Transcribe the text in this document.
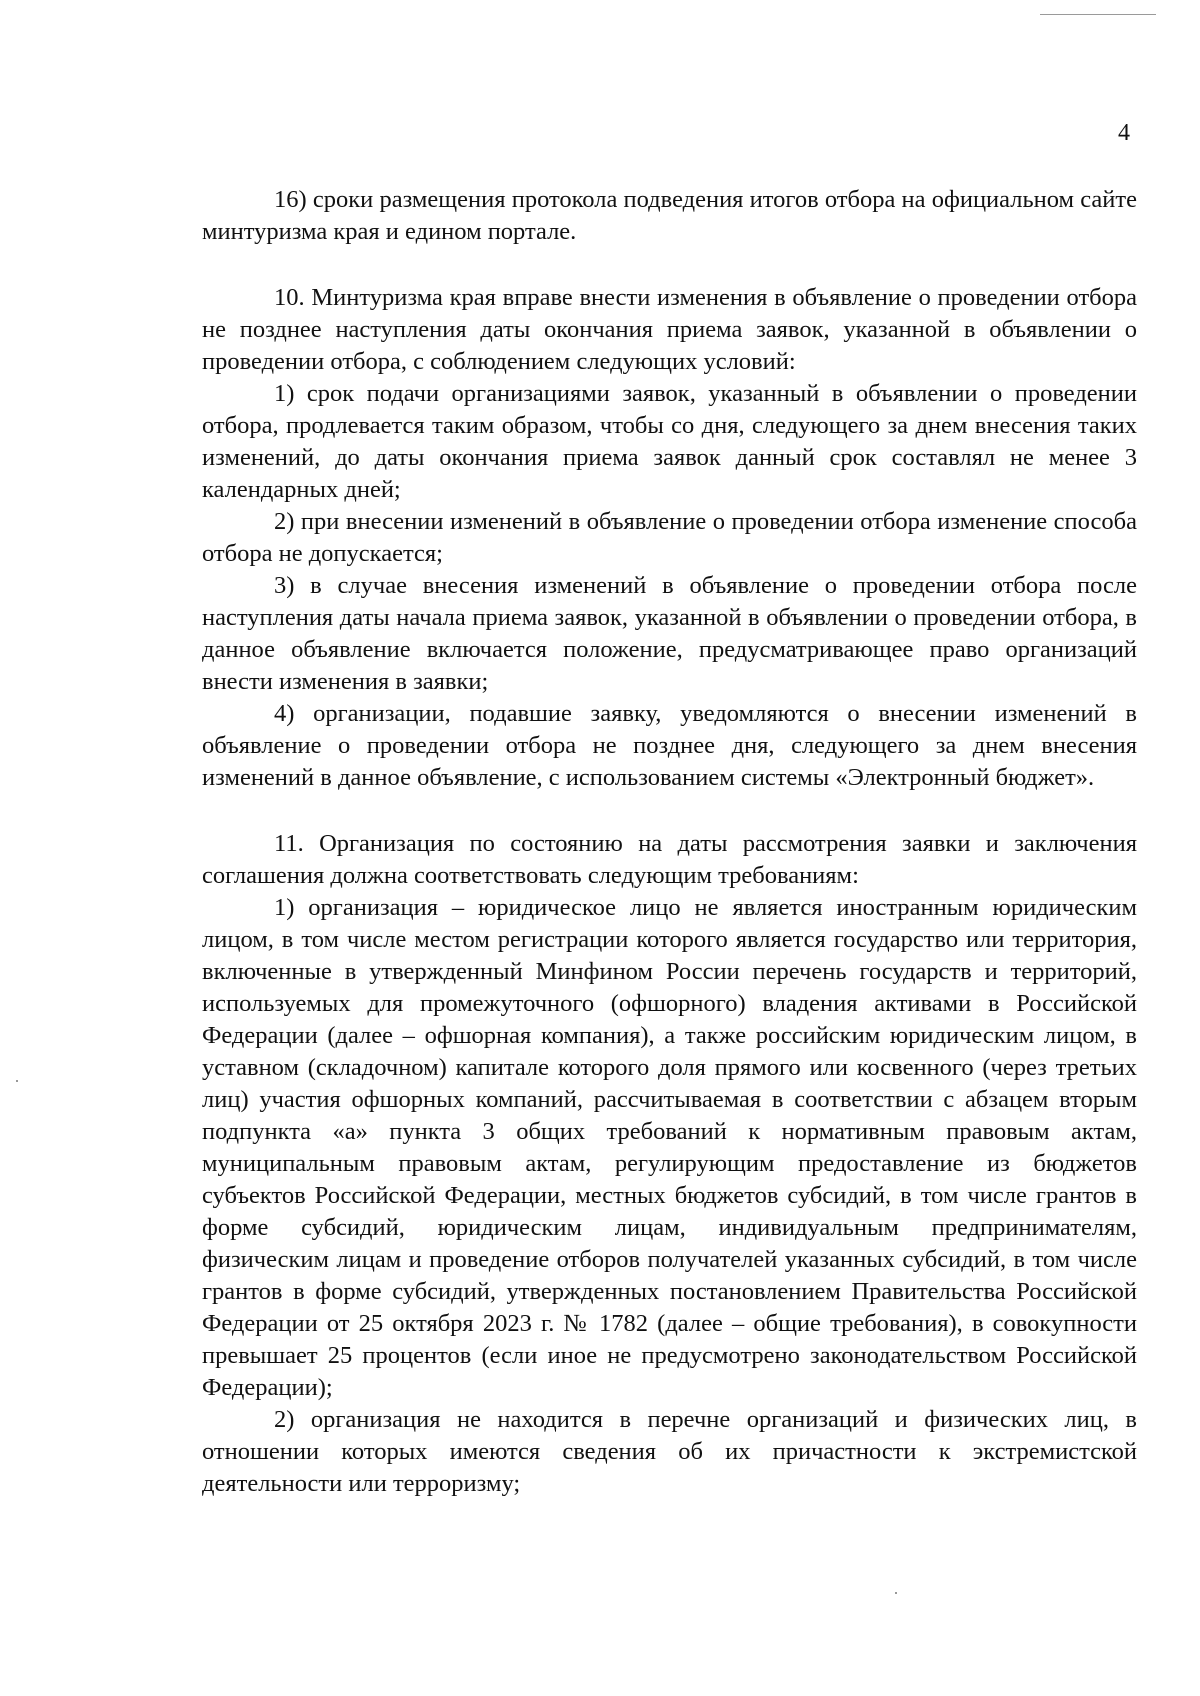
4

16) сроки размещения протокола подведения итогов отбора на официальном сайте минтуризма края и едином портале.

10. Минтуризма края вправе внести изменения в объявление о проведении отбора не позднее наступления даты окончания приема заявок, указанной в объявлении о проведении отбора, с соблюдением следующих условий:

1) срок подачи организациями заявок, указанный в объявлении о проведении отбора, продлевается таким образом, чтобы со дня, следующего за днем внесения таких изменений, до даты окончания приема заявок данный срок составлял не менее 3 календарных дней;

2) при внесении изменений в объявление о проведении отбора изменение способа отбора не допускается;

3) в случае внесения изменений в объявление о проведении отбора после наступления даты начала приема заявок, указанной в объявлении о проведении отбора, в данное объявление включается положение, предусматривающее право организаций внести изменения в заявки;

4) организации, подавшие заявку, уведомляются о внесении изменений в объявление о проведении отбора не позднее дня, следующего за днем внесения изменений в данное объявление, с использованием системы «Электронный бюджет».

11. Организация по состоянию на даты рассмотрения заявки и заключения соглашения должна соответствовать следующим требованиям:

1) организация – юридическое лицо не является иностранным юридическим лицом, в том числе местом регистрации которого является государство или территория, включенные в утвержденный Минфином России перечень государств и территорий, используемых для промежуточного (офшорного) владения активами в Российской Федерации (далее – офшорная компания), а также российским юридическим лицом, в уставном (складочном) капитале которого доля прямого или косвенного (через третьих лиц) участия офшорных компаний, рассчитываемая в соответствии с абзацем вторым подпункта «а» пункта 3 общих требований к нормативным правовым актам, муниципальным правовым актам, регулирующим предоставление из бюджетов субъектов Российской Федерации, местных бюджетов субсидий, в том числе грантов в форме субсидий, юридическим лицам, индивидуальным предпринимателям, физическим лицам и проведение отборов получателей указанных субсидий, в том числе грантов в форме субсидий, утвержденных постановлением Правительства Российской Федерации от 25 октября 2023 г. № 1782 (далее – общие требования), в совокупности превышает 25 процентов (если иное не предусмотрено законодательством Российской Федерации);

2) организация не находится в перечне организаций и физических лиц, в отношении которых имеются сведения об их причастности к экстремистской деятельности или терроризму;
